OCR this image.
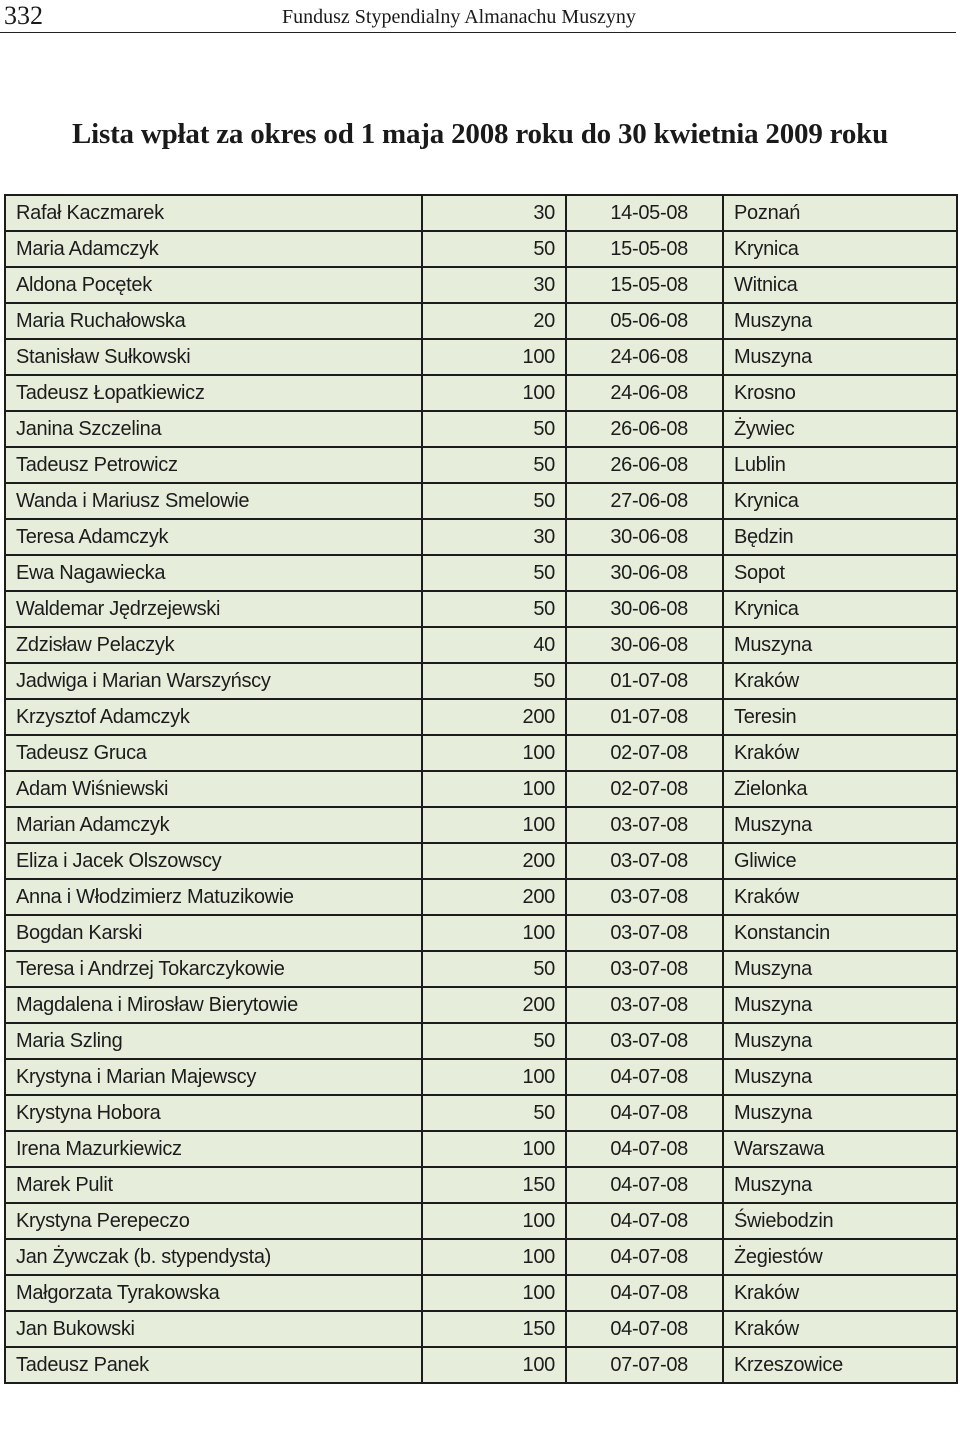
332	Fundusz Stypendialny Almanachu Muszyny
Lista wpłat za okres od 1 maja 2008 roku do 30 kwietnia 2009 roku
Rafał Kaczmarek	30	14-05-08	Poznań
Maria Adamczyk	50	15-05-08	Krynica
Aldona Pocętek	30	15-05-08	Witnica
Maria Ruchałowska	20	05-06-08	Muszyna
Stanisław Sułkowski	100	24-06-08	Muszyna
Tadeusz Łopatkiewicz	100	24-06-08	Krosno
Janina Szczelina	50	26-06-08	Żywiec
Tadeusz Petrowicz	50	26-06-08	Lublin
Wanda i Mariusz Smelowie	50	27-06-08	Krynica
Teresa Adamczyk	30	30-06-08	Będzin
Ewa Nagawiecka	50	30-06-08	Sopot
Waldemar Jędrzejewski	50	30-06-08	Krynica
Zdzisław Pelaczyk	40	30-06-08	Muszyna
Jadwiga i Marian Warszyńscy	50	01-07-08	Kraków
Krzysztof Adamczyk	200	01-07-08	Teresin
Tadeusz Gruca	100	02-07-08	Kraków
Adam Wiśniewski	100	02-07-08	Zielonka
Marian Adamczyk	100	03-07-08	Muszyna
Eliza i Jacek Olszowscy	200	03-07-08	Gliwice
Anna i Włodzimierz Matuzikowie	200	03-07-08	Kraków
Bogdan Karski	100	03-07-08	Konstancin
Teresa i Andrzej Tokarczykowie	50	03-07-08	Muszyna
Magdalena i Mirosław Bierytowie	200	03-07-08	Muszyna
Maria Szling	50	03-07-08	Muszyna
Krystyna i Marian Majewscy	100	04-07-08	Muszyna
Krystyna Hobora	50	04-07-08	Muszyna
Irena Mazurkiewicz	100	04-07-08	Warszawa
Marek Pulit	150	04-07-08	Muszyna
Krystyna Perepeczo	100	04-07-08	Świebodzin
Jan Żywczak (b. stypendysta)	100	04-07-08	Żegiestów
Małgorzata Tyrakowska	100	04-07-08	Kraków
Jan Bukowski	150	04-07-08	Kraków
Tadeusz Panek	100	07-07-08	Krzeszowice
